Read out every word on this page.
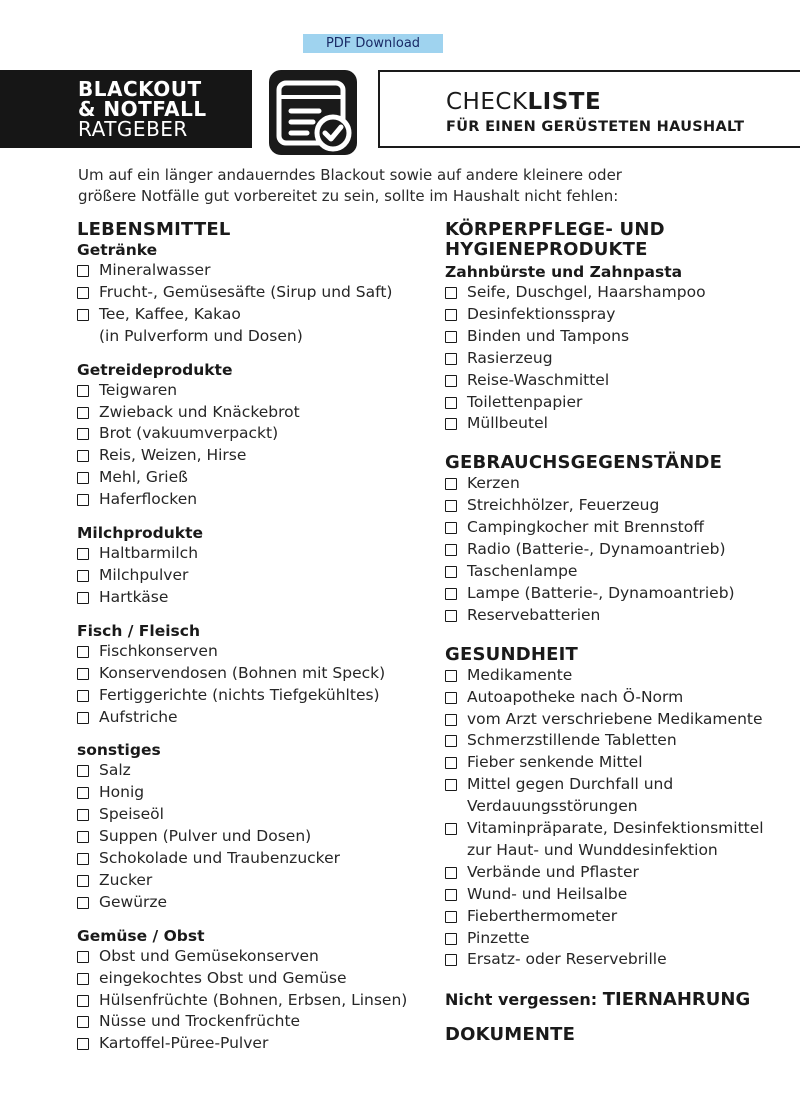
PDF Download
BLACKOUT
& NOTFALL
RATGEBER
CHECKLISTE
FÜR EINEN GERÜSTETEN HAUSHALT
Um auf ein länger andauerndes Blackout sowie auf andere kleinere oder
größere Notfälle gut vorbereitet zu sein, sollte im Haushalt nicht fehlen:
LEBENSMITTEL
Getränke
Mineralwasser
Frucht-, Gemüsesäfte (Sirup und Saft)
Tee, Kaffee, Kakao
(in Pulverform und Dosen)
Getreideprodukte
Teigwaren
Zwieback und Knäckebrot
Brot (vakuumverpackt)
Reis, Weizen, Hirse
Mehl, Grieß
Haferflocken
Milchprodukte
Haltbarmilch
Milchpulver
Hartkäse
Fisch / Fleisch
Fischkonserven
Konservendosen (Bohnen mit Speck)
Fertiggerichte (nichts Tiefgekühltes)
Aufstriche
sonstiges
Salz
Honig
Speiseöl
Suppen (Pulver und Dosen)
Schokolade und Traubenzucker
Zucker
Gewürze
Gemüse / Obst
Obst und Gemüsekonserven
eingekochtes Obst und Gemüse
Hülsenfrüchte (Bohnen, Erbsen, Linsen)
Nüsse und Trockenfrüchte
Kartoffel-Püree-Pulver
KÖRPERPFLEGE- UND
HYGIENEPRODUKTE
Zahnbürste und Zahnpasta
Seife, Duschgel, Haarshampoo
Desinfektionsspray
Binden und Tampons
Rasierzeug
Reise-Waschmittel
Toilettenpapier
Müllbeutel
GEBRAUCHSGEGENSTÄNDE
Kerzen
Streichhölzer, Feuerzeug
Campingkocher mit Brennstoff
Radio (Batterie-, Dynamoantrieb)
Taschenlampe
Lampe (Batterie-, Dynamoantrieb)
Reservebatterien
GESUNDHEIT
Medikamente
Autoapotheke nach Ö-Norm
vom Arzt verschriebene Medikamente
Schmerzstillende Tabletten
Fieber senkende Mittel
Mittel gegen Durchfall und
Verdauungsstörungen
Vitaminpräparate, Desinfektionsmittel
zur Haut- und Wunddesinfektion
Verbände und Pflaster
Wund- und Heilsalbe
Fieberthermometer
Pinzette
Ersatz- oder Reservebrille
Nicht vergessen: TIERNAHRUNG
DOKUMENTE
